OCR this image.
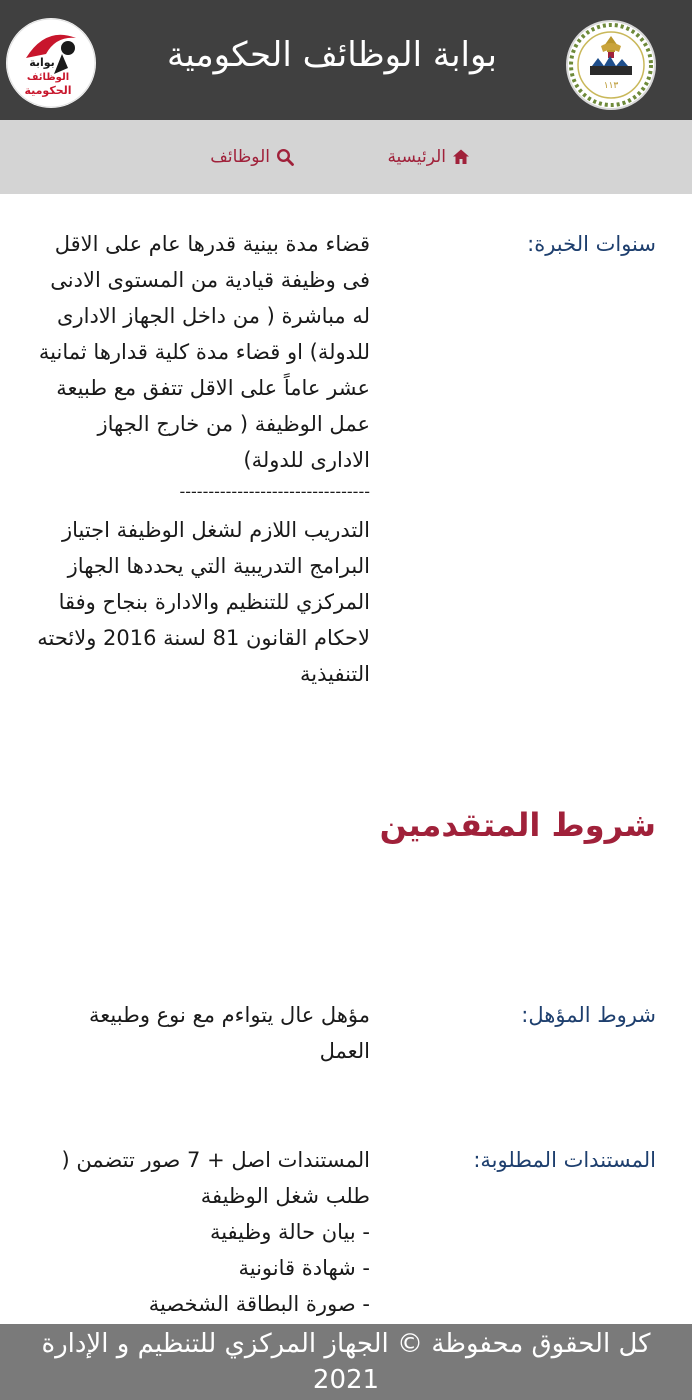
١١٣
بوابة الوظائف الحكومية
بوابة
الوظائف
الحكومية
الرئيسية
الوظائف
سنوات الخبرة:
قضاء مدة بينية قدرها عام على الاقل فى وظيفة قيادية من المستوى الادنى له مباشرة ( من داخل الجهاز الادارى للدولة) او قضاء مدة كلية قدارها ثمانية عشر عاماً على الاقل تتفق مع طبيعة عمل الوظيفة ( من خارج الجهاز الادارى للدولة)
---------------------------------
التدريب اللازم لشغل الوظيفة اجتياز البرامج التدريبية التي يحددها الجهاز المركزي للتنظيم والادارة بنجاح وفقا لاحكام القانون 81 لسنة 2016 ولائحته التنفيذية
شروط المتقدمين
شروط المؤهل:
مؤهل عال يتواءم مع نوع وطبيعة العمل
المستندات المطلوبة:
المستندات اصل + 7 صور تتضمن (
طلب شغل الوظيفة
- بيان حالة وظيفية
- شهادة قانونية
- صورة البطاقة الشخصية
كل الحقوق محفوظة © الجهاز المركزي للتنظيم و الإدارة 2021
